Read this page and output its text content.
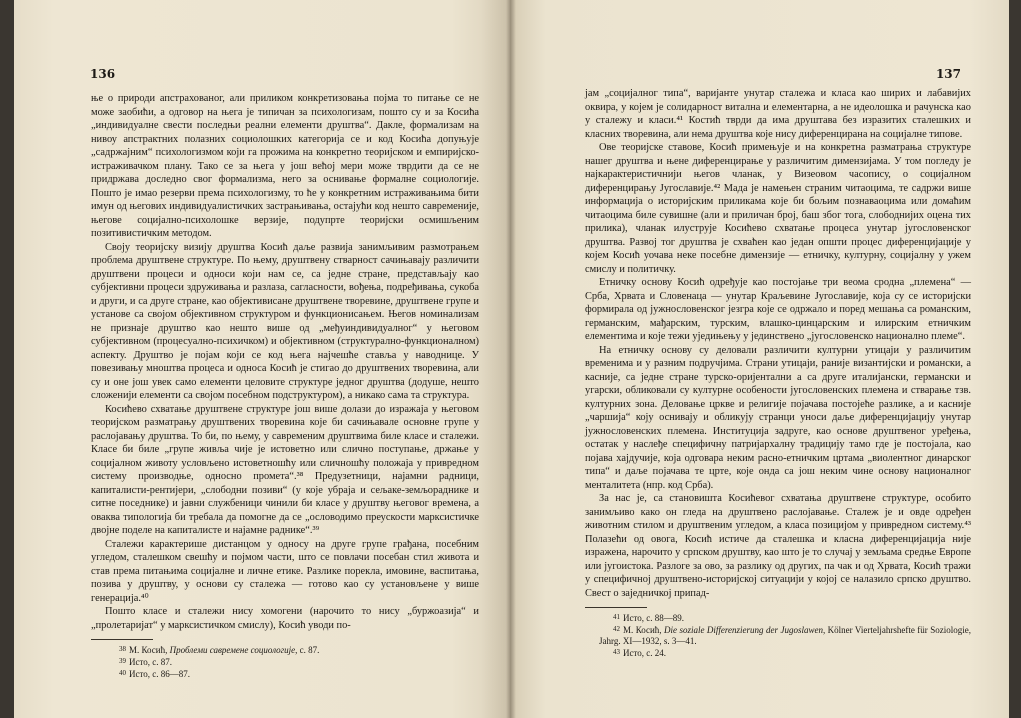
136

ње о природи апстрахованог, али приликом конкретизовања појма то питање се не може заобићи, а одговор на њега је типичан за психологизам, пошто су и за Косића „индивидуалне свести последњи реални елементи друштва“. Дакле, формализам на нивоу апстрактних полазних социолошких категорија се и код Косића допуњује „садржајним“ психологизмом који га прожима на конкретно теоријском и емпиријско-истраживачком плану. Тако се за њега у још већој мери може тврдити да се не придржава доследно свог формализма, него за оснивање формалне социологије. Пошто је имао резерви према психологизму, то ће у конкретним истраживањима бити имун од његових индивидуалистичких застрањивања, остајући код нешто савременије, његове социјално-психолошке верзије, подупрте теоријски осмишљеним позитивистичким методом.

Своју теоријску визију друштва Косић даље развија занимљивим размотрањем проблема друштвене структуре. По њему, друштвену стварност сачињавају различити друштвени процеси и односи који нам се, са једне стране, представљају као субјективни процеси здруживања и разлаза, сагласности, вођења, подређивања, сукоба и други, и са друге стране, као објективисане друштвене творевине, друштвене групе и установе са својом објективном структуром и функционисањем. Његов номинализам не признаје друштво као нешто више од „међуиндивидуалног“ у његовом субјективном (процесуално-психичком) и објективном (структурално-функционалном) аспекту. Друштво је појам који се код њега најчешће ставља у наводнице. У повезивању мноштва процеса и односа Косић је стигао до друштвених творевина, али су и оне још увек само елементи целовите структуре једног друштва (додуше, нешто сложенији елементи са својом посебном подструктуром), а никако сама та структура.

Косићево схватање друштвене структуре још више долази до изражаја у његовом теоријском разматрању друштвених творевина које би сачињавале основне групе у раслојавању друштва. То би, по њему, у савременим друштвима биле класе и сталежи. Класе би биле „групе живља чије је истоветно или слично поступање, држање у социјалном животу условљено истоветношћу или сличношћу положаја у привредном систему производње, односно промета“.³⁸ Предузетници, најамни радници, капиталисти-рентијери, „слободни позиви“ (у које убраја и сељаке-земљораднике и ситне поседнике) и јавни службеници чинили би класе у друштву његовог времена, а оваква типологија би требала да помогне да се „ословодимо преускости марксистичке двојне поделе на капиталисте и најамне раднике“.³⁹

Сталежи карактерише дистанцом у односу на друге групе грађана, посебним угледом, сталешком свешћу и појмом части, што се повлачи посебан стил живота и став према питањима социјалне и личне етике. Разлике порекла, имовине, васпитања, позива у друштву, у основи су сталежа — готово као су установљене у више генерација.⁴⁰

Пошто класе и сталежи нису хомогени (нарочито то нису „буржоазија“ и „пролетаријат“ у марксистичком смислу), Косић уводи по-

$^{38}$ М. Косић, Проблеми савремене социологије, с. 87.

$^{39}$ Исто, с. 87.

$^{40}$ Исто, с. 86—87.

137

јам „социјалног типа“, варијанте унутар сталежа и класа као ширих и лабавијих оквира, у којем је солидарност витална и елементарна, а не идеолошка и рачунска као у сталежу и класи.⁴¹ Костић тврди да има друштава без изразитих сталешких и класних творевина, али нема друштва које нису диференцирана на социјалне типове.

Ове теоријске ставове, Косић примењује и на конкретна разматрања структуре нашег друштва и њене диференцирање у различитим димензијама. У том погледу је најкарактеристичнији његов чланак, у Визеовом часопису, о социјалном диференцирању Југославије.⁴² Мада је намењен страним читаоцима, те садржи више информација о историјским приликама које би бољим познаваоцима или домаћим читаоцима биле сувишне (али и приличан број, баш због тога, слободнијих оцена тих прилика), чланак илуструје Косићево схватање процеса унутар југословенског друштва. Развој тог друштва је схваћен као један општи процес диференцијације у којем Косић уочава неке посебне димензије — етничку, културну, социјалну у ужем смислу и политичку.

Етничку основу Косић одређује као постојање три веома сродна „племена“ — Срба, Хрвата и Словенаца — унутар Краљевине Југославије, која су се историјски формирала од јужнословенског језгра које се одржало и поред мешања са романским, германским, мађарским, турским, влашко-цинцарским и илирским етничким елементима и које тежи уједињењу у јединствено „југословенско национално племе“.

На етничку основу су деловали различити културни утицаји у различитим временима и у разним подручјима. Страни утицаји, раније византијски и романски, а касније, са једне стране турско-оријентални а са друге италијански, германски и угарски, обликовали су културне особености југословенских племена и стварање тзв. културних зона. Деловање цркве и религије појачава постојеће разлике, а и касније „чаршија“ коју оснивају и обликују странци уноси даље диференцијацију унутар јужнословенских племена. Институција задруге, као основе друштвеног уређења, остатак у наслеђе специфичну патријархалну традицију тамо где је постојала, као појава хајдучије, која одговара неким расно-етничким цртама „виолентног динарског типа“ и даље појачава те црте, које онда са још неким чине основу националног менталитета (нпр. код Срба).

За нас је, са становишта Косићевог схватања друштвене структуре, особито занимљиво како он гледа на друштвено раслојавање. Сталеж је и овде одређен животним стилом и друштвеним угледом, а класа позицијом у привредном систему.⁴³ Полазећи од овога, Косић истиче да сталешка и класна диференцијација није изражена, нарочито у српском друштву, као што је то случај у земљама средње Европе или југоистока. Разлоге за ово, за разлику од других, па чак и од Хрвата, Косић тражи у специфичној друштвено-историјској ситуацији у којој се налазило српско друштво. Свест о заједничкој припад-

$^{41}$ Исто, с. 88—89.

$^{42}$ М. Косић, Die soziale Differenzierung der Jugoslawen, Kölner Vierteljahrshefte für Soziologie, Jahrg. XI—1932, s. 3—41.

$^{43}$ Исто, с. 24.
